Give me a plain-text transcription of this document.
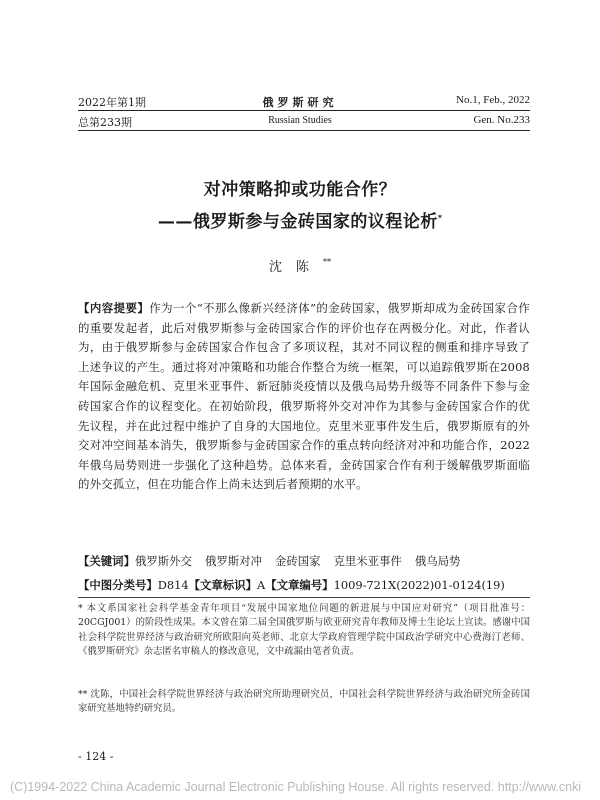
2022年第1期	俄罗斯研究	No.1, Feb., 2022
总第233期	Russian Studies	Gen. No.233
对冲策略抑或功能合作？
——俄罗斯参与金砖国家的议程论析*
沈陈**
【内容提要】作为一个“不那么像新兴经济体”的金砖国家，俄罗斯却成为金砖国家合作的重要发起者，此后对俄罗斯参与金砖国家合作的评价也存在两极分化。对此，作者认为，由于俄罗斯参与金砖国家合作包含了多项议程，其对不同议程的侧重和排序导致了上述争议的产生。通过将对冲策略和功能合作整合为统一框架，可以追踪俄罗斯在2008年国际金融危机、克里米亚事件、新冠肺炎疫情以及俄乌局势升级等不同条件下参与金砖国家合作的议程变化。在初始阶段，俄罗斯将外交对冲作为其参与金砖国家合作的优先议程，并在此过程中维护了自身的大国地位。克里米亚事件发生后，俄罗斯原有的外交对冲空间基本消失，俄罗斯参与金砖国家合作的重点转向经济对冲和功能合作，2022年俄乌局势则进一步强化了这种趋势。总体来看，金砖国家合作有利于缓解俄罗斯面临的外交孤立，但在功能合作上尚未达到后者预期的水平。
【关键词】俄罗斯外交 俄罗斯对冲 金砖国家 克里米亚事件 俄乌局势
【中图分类号】D814【文章标识】A【文章编号】1009-721X(2022)01-0124(19)
* 本文系国家社会科学基金青年项目“发展中国家地位问题的新进展与中国应对研究”（项目批准号：20CGJ001）的阶段性成果。本文曾在第二届全国俄罗斯与欧亚研究青年教师及博士生论坛上宣读。感谢中国社会科学院世界经济与政治研究所欧阳向英老师、北京大学政府管理学院中国政治学研究中心费海汀老师、《俄罗斯研究》杂志匿名审稿人的修改意见，文中疏漏由笔者负责。
** 沈陈，中国社会科学院世界经济与政治研究所助理研究员，中国社会科学院世界经济与政治研究所金砖国家研究基地特约研究员。
- 124 -
(C)1994-2022 China Academic Journal Electronic Publishing House. All rights reserved. http://www.cnki
